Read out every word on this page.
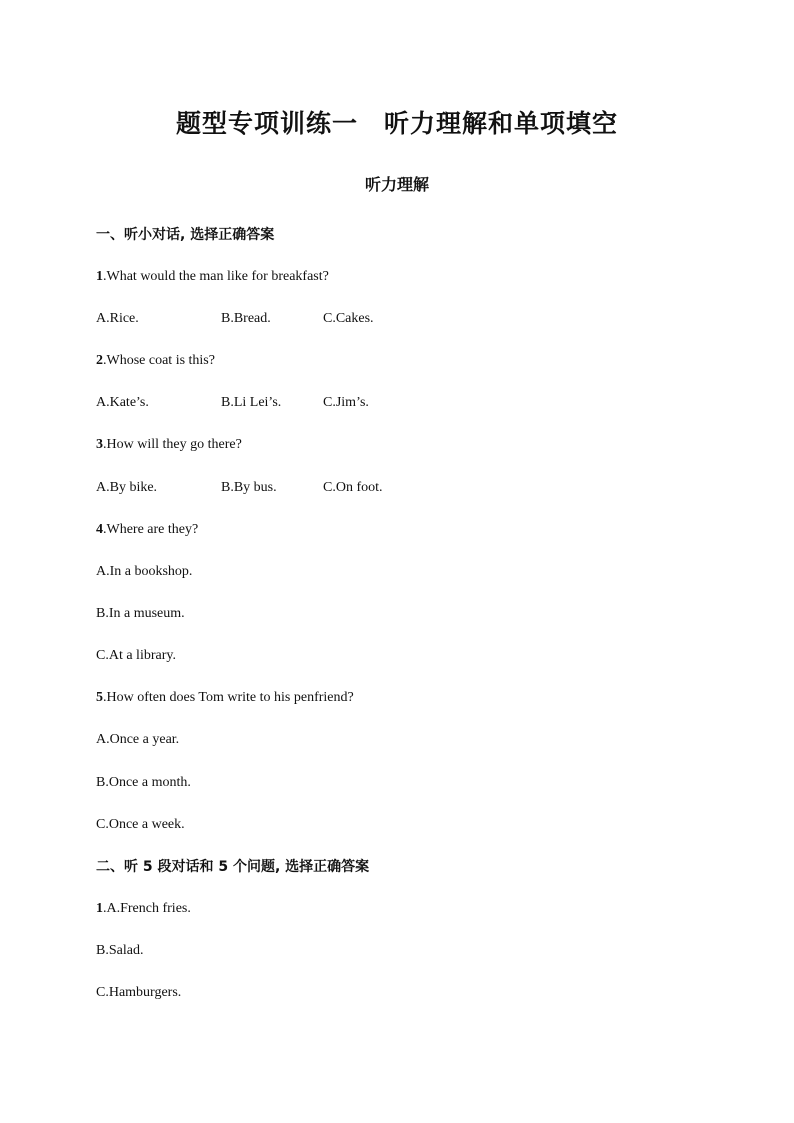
题型专项训练一　听力理解和单项填空
听力理解
一、听小对话, 选择正确答案
1.What would the man like for breakfast?
A.Rice.	B.Bread.	C.Cakes.
2.Whose coat is this?
A.Kate’s.	B.Li Lei’s.	C.Jim’s.
3.How will they go there?
A.By bike.	B.By bus.	C.On foot.
4.Where are they?
A.In a bookshop.
B.In a museum.
C.At a library.
5.How often does Tom write to his penfriend?
A.Once a year.
B.Once a month.
C.Once a week.
二、听 5 段对话和 5 个问题, 选择正确答案
1.A.French fries.
B.Salad.
C.Hamburgers.
